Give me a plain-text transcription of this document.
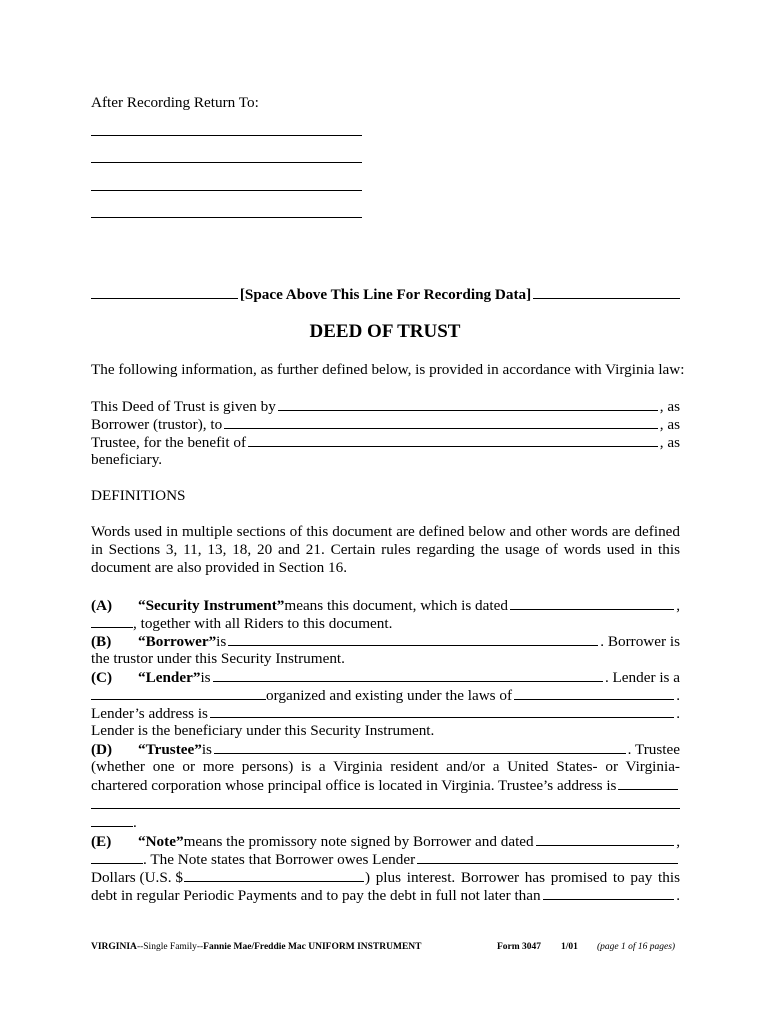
After Recording Return To:
[Space Above This Line For Recording Data]
DEED OF TRUST
The following information, as further defined below, is provided in accordance with Virginia law:
This Deed of Trust is given by	, as
Borrower (trustor), to	, as
Trustee, for the benefit of	, as
beneficiary.
DEFINITIONS
Words used in multiple sections of this document are defined below and other words are defined
in Sections 3, 11, 13, 18, 20 and 21. Certain rules regarding the usage of words used in this
document are also provided in Section 16.
(A)	“Security Instrument” means this document, which is dated	,
, together with all Riders to this document.
(B)	“Borrower” is	. Borrower is
the trustor under this Security Instrument.
(C)	“Lender” is	. Lender is a
organized and existing under the laws of	.
Lender’s address is	.
Lender is the beneficiary under this Security Instrument.
(D)	“Trustee” is	. Trustee
(whether one or more persons) is a Virginia resident and/or a United States- or Virginia-
chartered corporation whose principal office is located in Virginia. Trustee’s address is
.
(E)	“Note” means the promissory note signed by Borrower and dated	,
. The Note states that Borrower owes Lender
Dollars (U.S. $	) plus interest. Borrower has promised to pay this
debt in regular Periodic Payments and to pay the debt in full not later than	.
VIRGINIA--Single Family--Fannie Mae/Freddie Mac UNIFORM INSTRUMENT	Form 3047 1/01 (page 1 of 16 pages)
